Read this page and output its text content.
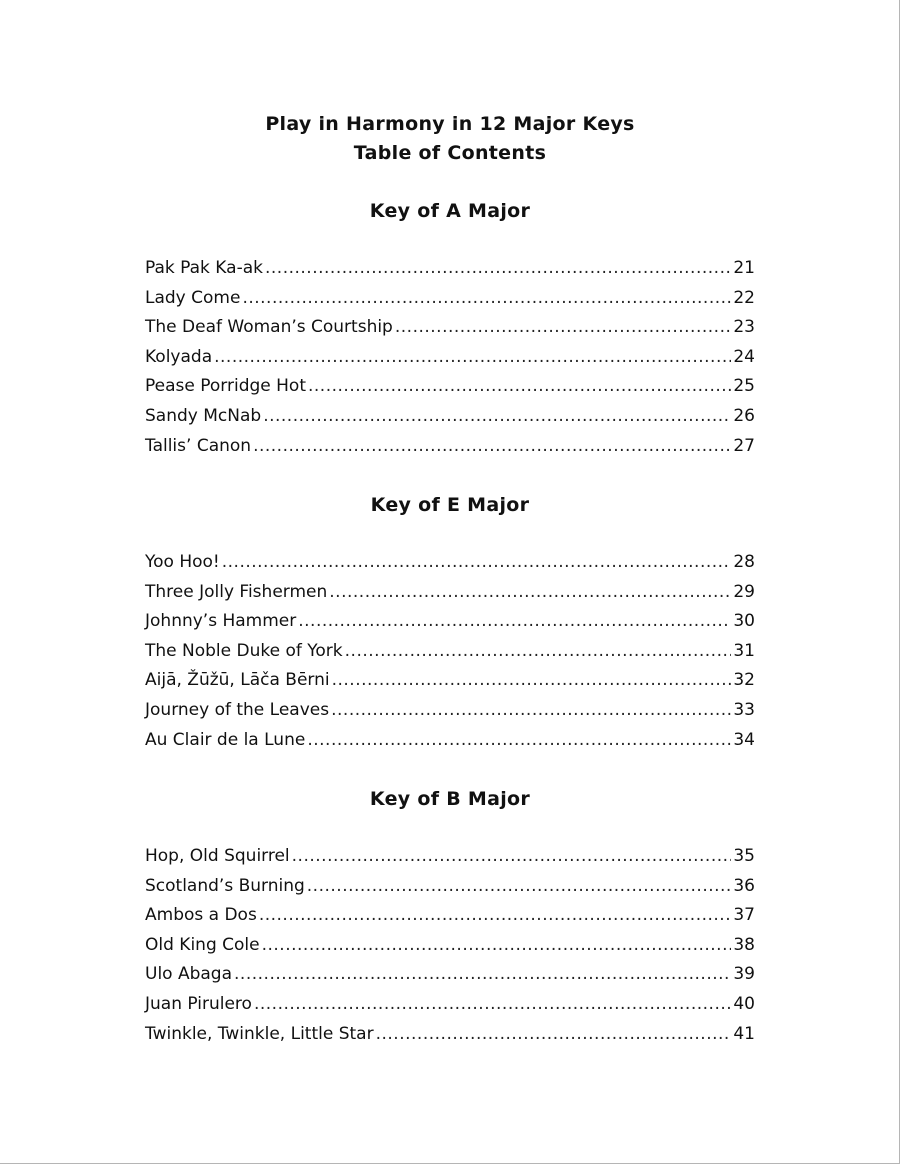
Play in Harmony in 12 Major Keys
Table of Contents
Key of A Major
Pak Pak Ka-ak .....	21
Lady Come .....	22
The Deaf Woman’s Courtship .....	23
Kolyada .....	24
Pease Porridge Hot .....	25
Sandy McNab .....	26
Tallis’ Canon .....	27
Key of E Major
Yoo Hoo! .....	28
Three Jolly Fishermen .....	29
Johnny’s Hammer .....	30
The Noble Duke of York .....	31
Aijā, Žūžū, Lāča Bērni .....	32
Journey of the Leaves .....	33
Au Clair de la Lune .....	34
Key of B Major
Hop, Old Squirrel .....	35
Scotland’s Burning .....	36
Ambos a Dos .....	37
Old King Cole .....	38
Ulo Abaga .....	39
Juan Pirulero .....	40
Twinkle, Twinkle, Little Star .....	41
